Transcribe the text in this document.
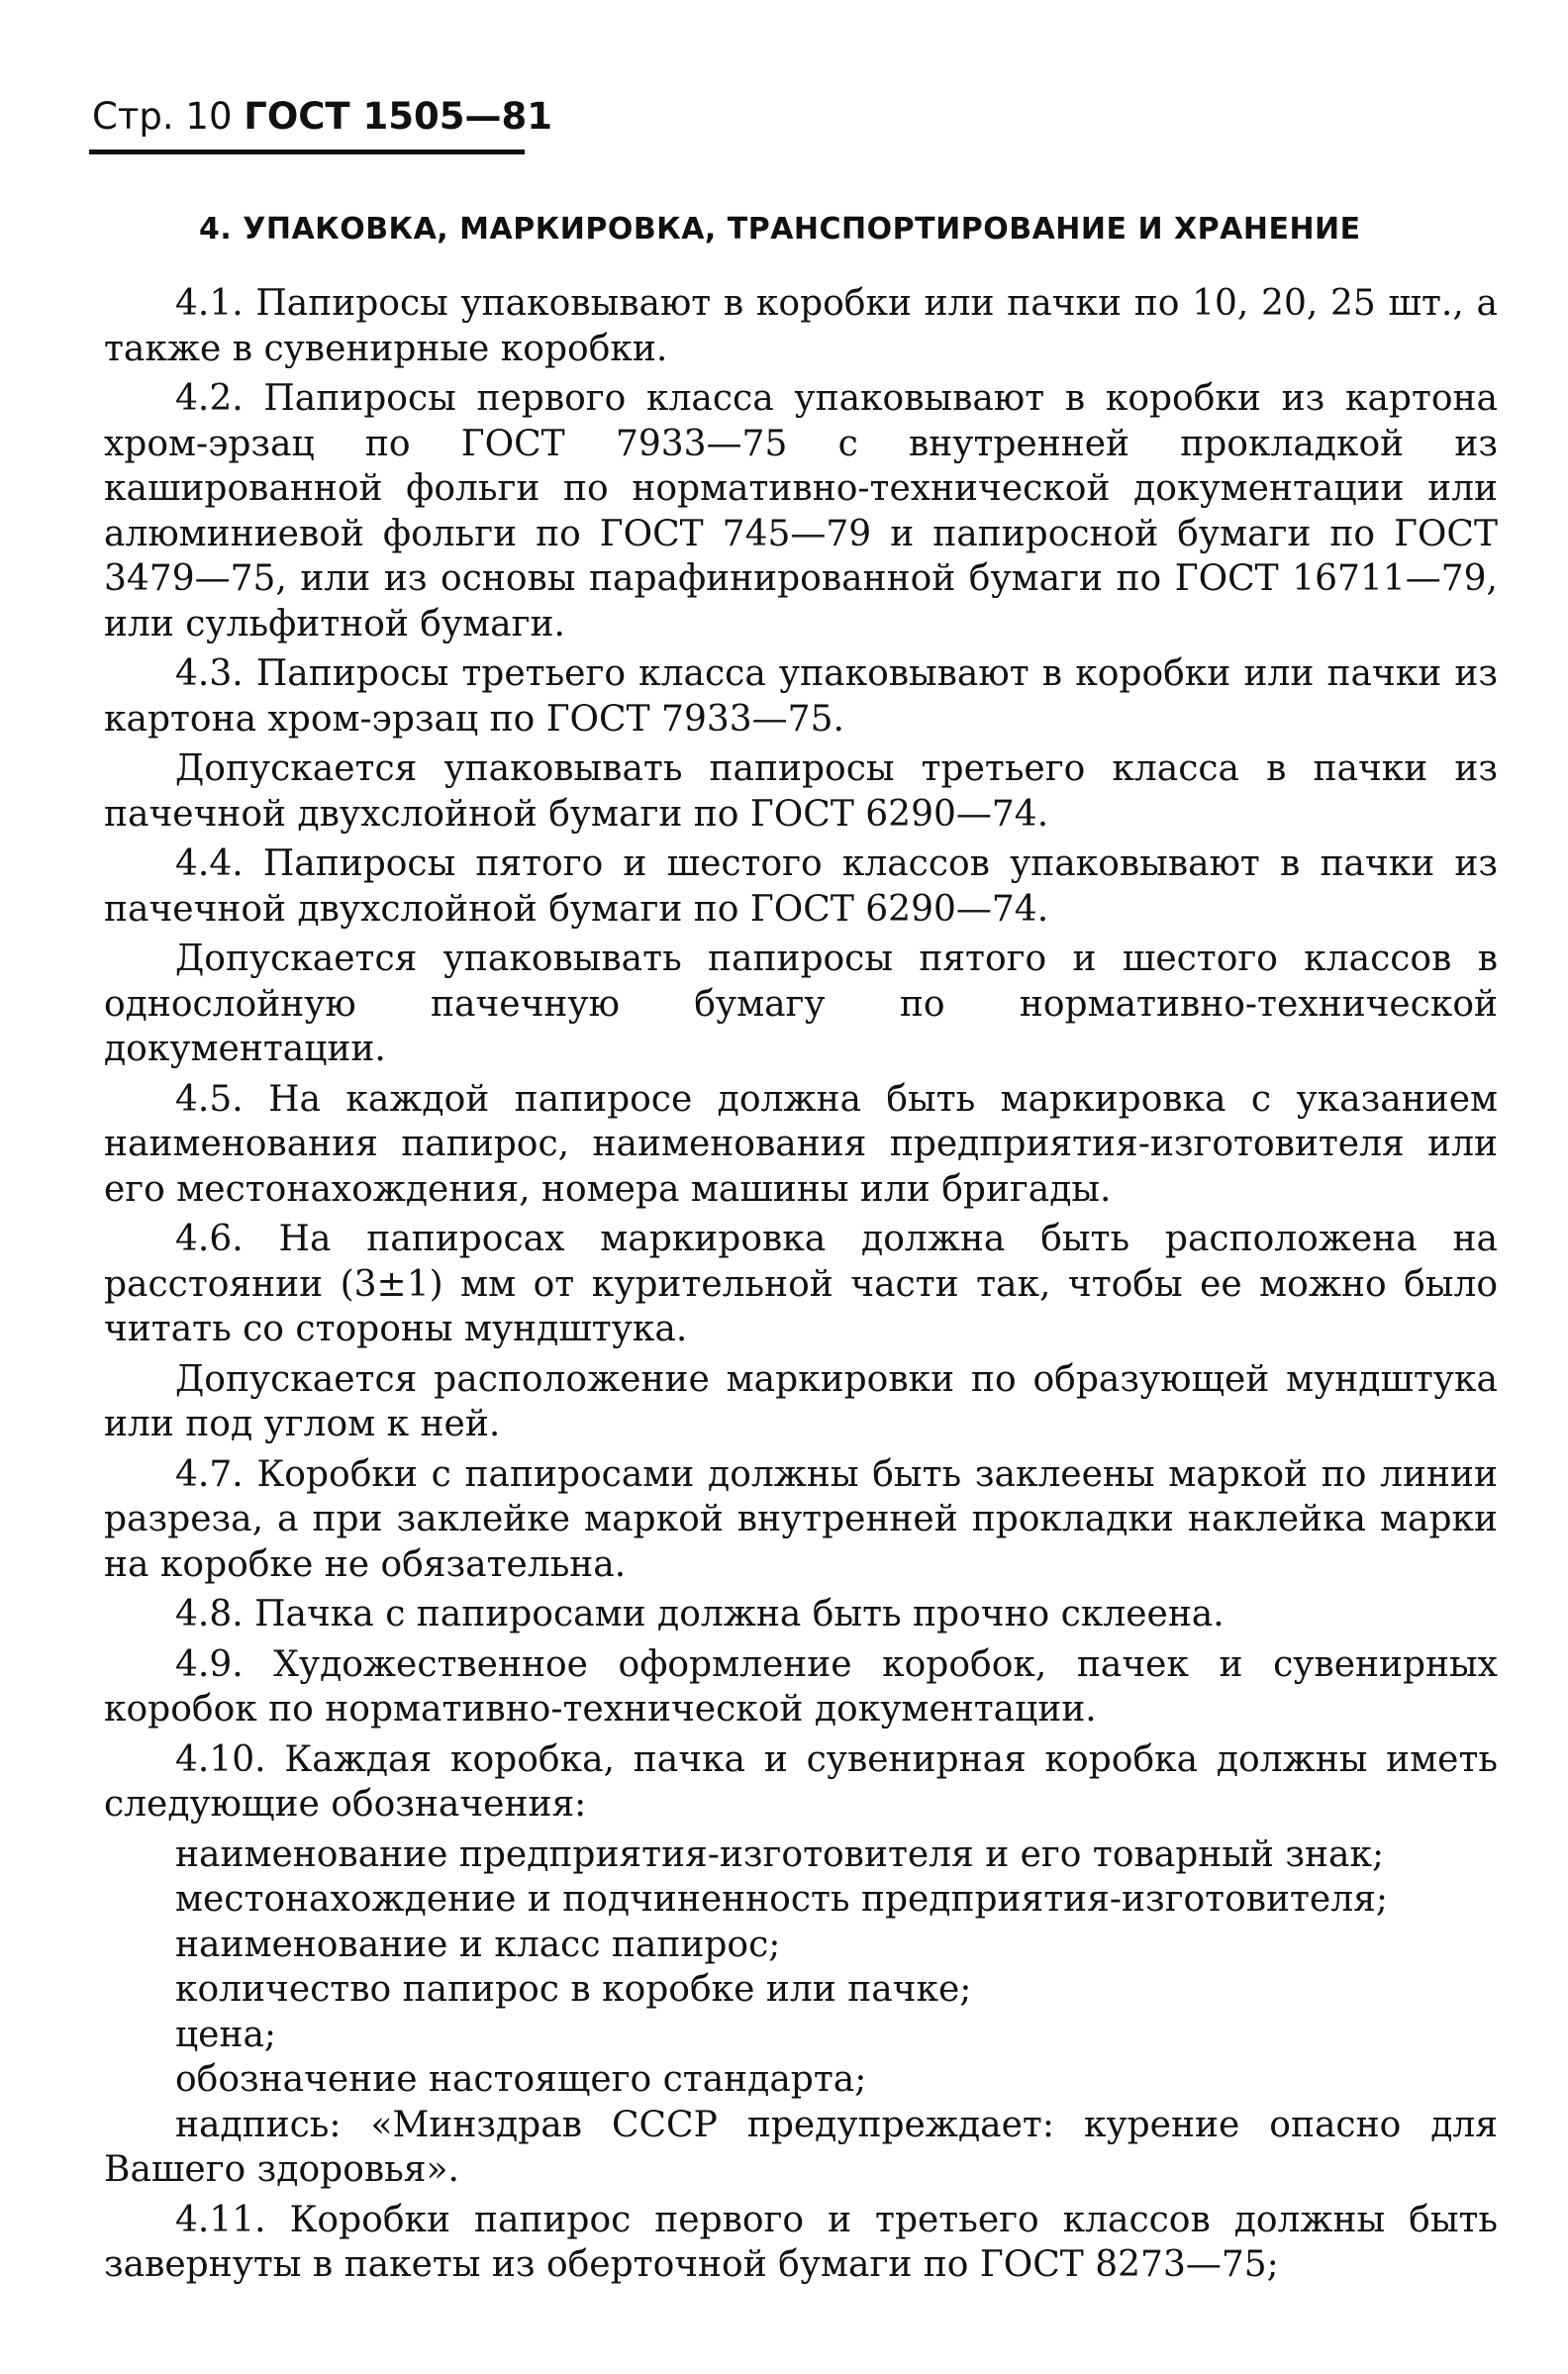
Стр. 10 ГОСТ 1505—81
4. УПАКОВКА, МАРКИРОВКА, ТРАНСПОРТИРОВАНИЕ И ХРАНЕНИЕ

4.1. Папиросы упаковывают в коробки или пачки по 10, 20, 25 шт., а также в сувенирные коробки.

4.2. Папиросы первого класса упаковывают в коробки из картона хром-эрзац по ГОСТ 7933—75 с внутренней прокладкой из кашированной фольги по нормативно-технической документации или алюминиевой фольги по ГОСТ 745—79 и папиросной бумаги по ГОСТ 3479—75, или из основы парафинированной бумаги по ГОСТ 16711—79, или сульфитной бумаги.

4.3. Папиросы третьего класса упаковывают в коробки или пачки из картона хром-эрзац по ГОСТ 7933—75.

Допускается упаковывать папиросы третьего класса в пачки из пачечной двухслойной бумаги по ГОСТ 6290—74.

4.4. Папиросы пятого и шестого классов упаковывают в пачки из пачечной двухслойной бумаги по ГОСТ 6290—74.

Допускается упаковывать папиросы пятого и шестого классов в однослойную пачечную бумагу по нормативно-технической документации.

4.5. На каждой папиросе должна быть маркировка с указанием наименования папирос, наименования предприятия-изготовителя или его местонахождения, номера машины или бригады.

4.6. На папиросах маркировка должна быть расположена на расстоянии (3±1) мм от курительной части так, чтобы ее можно было читать со стороны мундштука.

Допускается расположение маркировки по образующей мундштука или под углом к ней.

4.7. Коробки с папиросами должны быть заклеены маркой по линии разреза, а при заклейке маркой внутренней прокладки наклейка марки на коробке не обязательна.

4.8. Пачка с папиросами должна быть прочно склеена.

4.9. Художественное оформление коробок, пачек и сувенирных коробок по нормативно-технической документации.

4.10. Каждая коробка, пачка и сувенирная коробка должны иметь следующие обозначения:

наименование предприятия-изготовителя и его товарный знак;
местонахождение и подчиненность предприятия-изготовителя;
наименование и класс папирос;
количество папирос в коробке или пачке;
цена;
обозначение настоящего стандарта;

надпись: «Минздрав СССР предупреждает: курение опасно для Вашего здоровья».

4.11. Коробки папирос первого и третьего классов должны быть завернуты в пакеты из оберточной бумаги по ГОСТ 8273—75;
